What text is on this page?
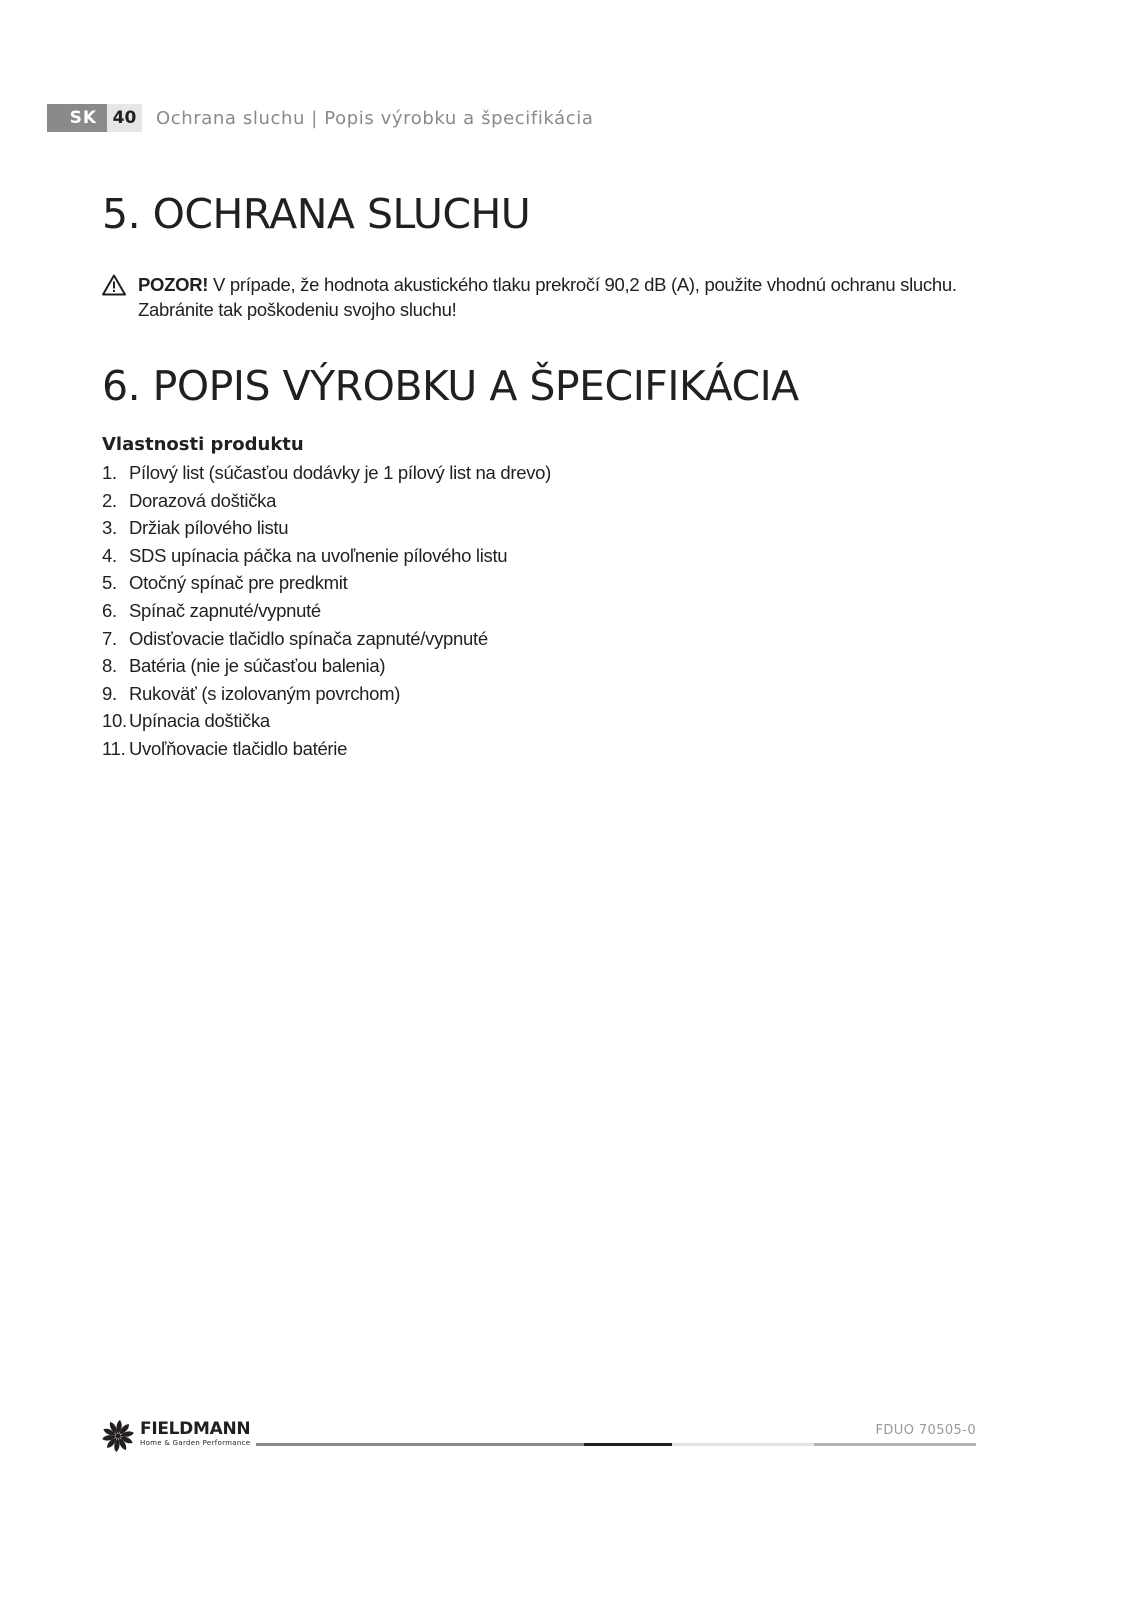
SK 40	Ochrana sluchu | Popis výrobku a špecifikácia
5. OCHRANA SLUCHU
POZOR! V prípade, že hodnota akustického tlaku prekročí 90,2 dB (A), použite vhodnú ochranu sluchu. Zabránite tak poškodeniu svojho sluchu!
6. POPIS VÝROBKU A ŠPECIFIKÁCIA
Vlastnosti produktu
1. Pílový list (súčasťou dodávky je 1 pílový list na drevo)
2. Dorazová doštička
3. Držiak pílového listu
4. SDS upínacia páčka na uvoľnenie pílového listu
5. Otočný spínač pre predkmit
6. Spínač zapnuté/vypnuté
7. Odisťovacie tlačidlo spínača zapnuté/vypnuté
8. Batéria (nie je súčasťou balenia)
9. Rukoväť (s izolovaným povrchom)
10. Upínacia doštička
11. Uvoľňovacie tlačidlo batérie
FIELDMANN
Home & Garden Performance
FDUO 70505-0
